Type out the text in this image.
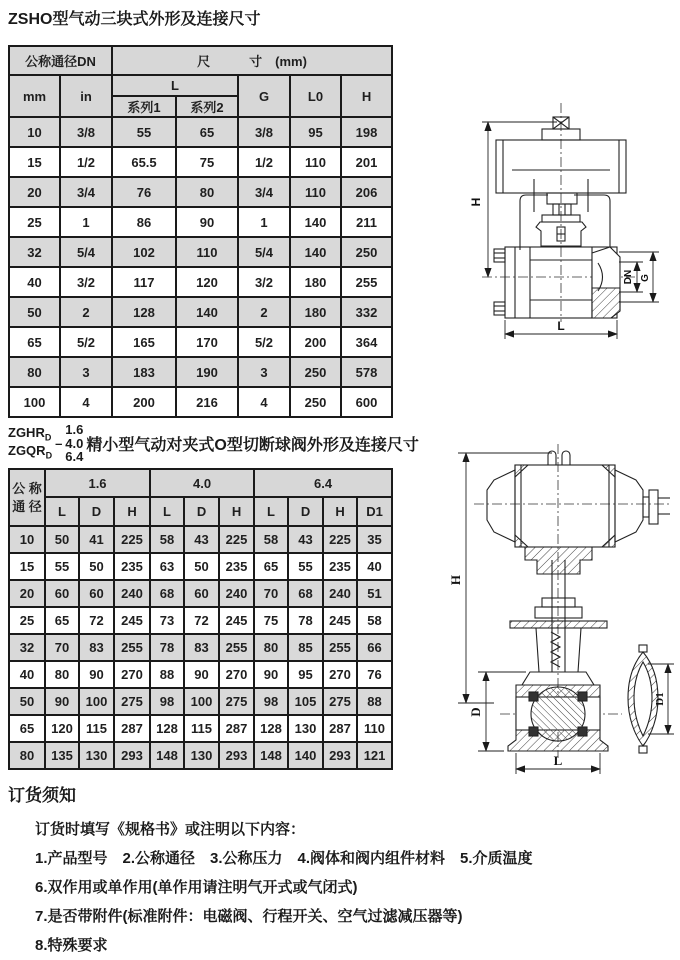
ZSHO型气动三块式外形及连接尺寸
公称通径DN		尺　　　寸　(mm)				
mm	in	L		G	L0	H
		系列1	系列2			
10	3/8	55	65	3/8	95	198
15	1/2	65.5	75	1/2	110	201
20	3/4	76	80	3/4	110	206
25	1	86	90	1	140	211
32	5/4	102	110	5/4	140	250
40	3/2	117	120	3/2	180	255
50	2	128	140	2	180	332
65	5/2	165	170	5/2	200	364
80	3	183	190	3	250	578
100	4	200	216	4	250	600
$ZGHR_D$
$ZGQR_D$
–
1.6
4.0
6.4
精小型气动对夹式O型切断球阀外形及连接尺寸
公 称
通 径	1.6			4.0			6.4			
	L	D	H	L	D	H	L	D	H	D1
10	50	41	225	58	43	225	58	43	225	35
15	55	50	235	63	50	235	65	55	235	40
20	60	60	240	68	60	240	70	68	240	51
25	65	72	245	73	72	245	75	78	245	58
32	70	83	255	78	83	255	80	85	255	66
40	80	90	270	88	90	270	90	95	270	76
50	90	100	275	98	100	275	98	105	275	88
65	120	115	287	128	115	287	128	130	287	110
80	135	130	293	148	130	293	148	140	293	121
H
DN G
L
H
D
L
D1
订货须知

订货时填写《规格书》或注明以下内容：

1.产品型号　2.公称通径　3.公称压力　4.阀体和阀内组件材料　5.介质温度

6.双作用或单作用(单作用请注明气开式或气闭式)

7.是否带附件(标准附件：电磁阀、行程开关、空气过滤减压器等)

8.特殊要求
